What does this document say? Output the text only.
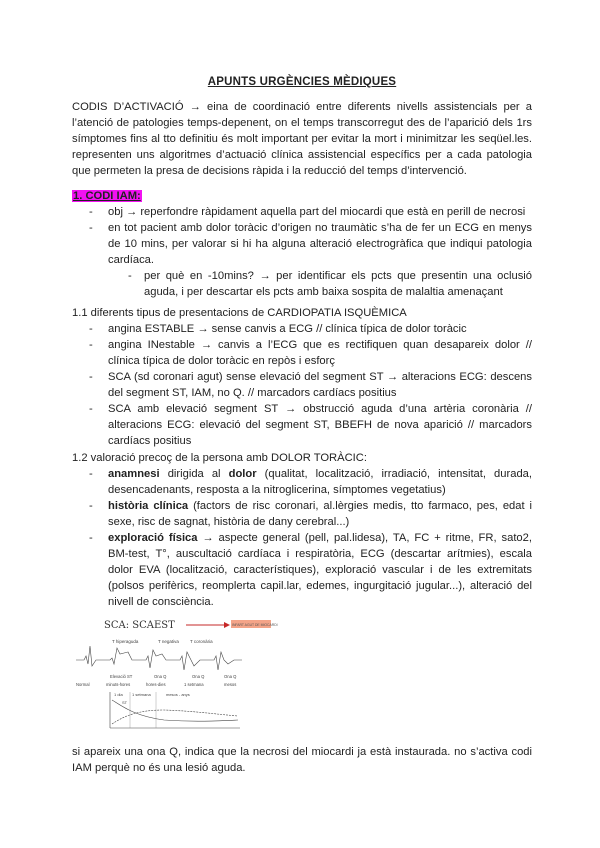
APUNTS URGÈNCIES MÈDIQUES
CODIS D’ACTIVACIÓ → eina de coordinació entre diferents nivells assistencials per a l’atenció de patologies temps-depenent, on el temps transcorregut des de l’aparició dels 1rs símptomes fins al tto definitiu és molt important per evitar la mort i minimitzar les seqüel.les. representen uns algoritmes d’actuació clínica assistencial específics per a cada patologia que permeten la presa de decisions ràpida i la reducció del temps d’intervenció.
1. CODI IAM:
- obj → reperfondre ràpidament aquella part del miocardi que està en perill de necrosi
- en tot pacient amb dolor toràcic d’origen no traumàtic s’ha de fer un ECG en menys de 10 mins, per valorar si hi ha alguna alteració electrogràfica que indiqui patologia cardíaca.
- per què en -10mins? → per identificar els pcts que presentin una oclusió aguda, i per descartar els pcts amb baixa sospita de malaltia amenaçant
1.1 diferents tipus de presentacions de CARDIOPATIA ISQUÈMICA
- angina ESTABLE → sense canvis a ECG // clínica típica de dolor toràcic
- angina INestable → canvis a l’ECG que es rectifiquen quan desapareix dolor // clínica típica de dolor toràcic en repòs i esforç
- SCA (sd coronari agut) sense elevació del segment ST → alteracions ECG: descens del segment ST, IAM, no Q. // marcadors cardíacs positius
- SCA amb elevació segment ST → obstrucció aguda d’una artèria coronària // alteracions ECG: elevació del segment ST, BBEFH de nova aparició // marcadors cardíacs positius
1.2 valoració precoç de la persona amb DOLOR TORÀCIC:
- anamnesi dirigida al dolor (qualitat, localització, irradiació, intensitat, durada, desencadenants, resposta a la nitroglicerina, símptomes vegetatius)
- història clínica (factors de risc coronari, al.lèrgies medis, tto farmaco, pes, edat i sexe, risc de sagnat, història de dany cerebral...)
- exploració física → aspecte general (pell, pal.lidesa), TA, FC + ritme, FR, sato2, BM-test, T°, auscultació cardíaca i respiratòria, ECG (descartar arítmies), escala dolor EVA (localització, característiques), exploració vascular i de les extremitats (polsos perifèrics, reomplerta capil.lar, edemes, ingurgitació jugular...), alteració del nivell de consciència.
SCA: SCAEST	INFART AGUT DE MIOCARDI
T hiperaguda	T negativa T coronària
Elevació ST	Ona Q	Ona Q	Ona Q
Normal	minuts-hores	hores-dies	1 setmana	mesos
1 dia 1 setmana	mesos - anys
ST
si apareix una ona Q, indica que la necrosi del miocardi ja està instaurada. no s’activa codi IAM perquè no és una lesió aguda.
